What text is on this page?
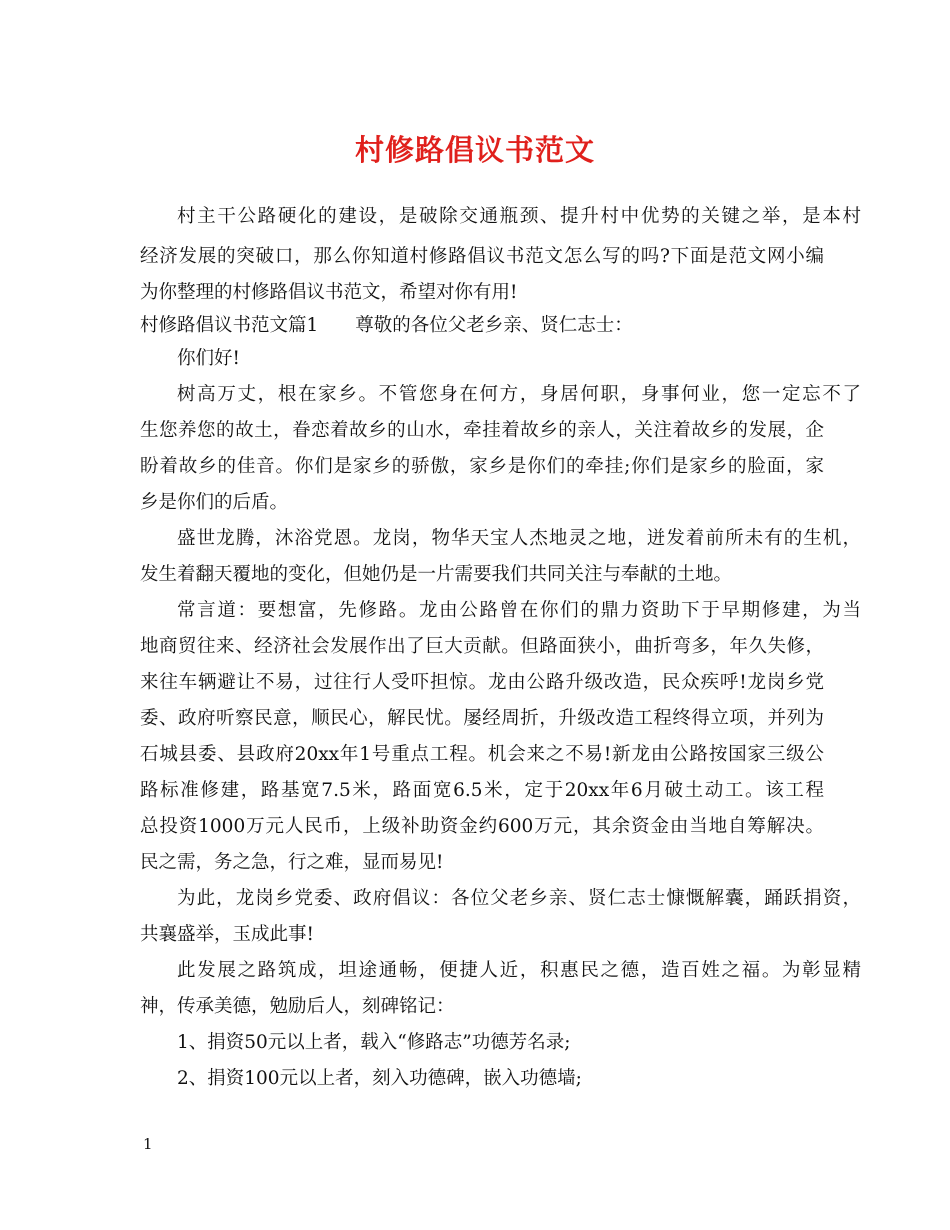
村修路倡议书范文
村主干公路硬化的建设，是破除交通瓶颈、提升村中优势的关键之举，是本村
经济发展的突破口，那么你知道村修路倡议书范文怎么写的吗?下面是范文网小编
为你整理的村修路倡议书范文，希望对你有用!
村修路倡议书范文篇1　　尊敬的各位父老乡亲、贤仁志士：
你们好!
树高万丈，根在家乡。不管您身在何方，身居何职，身事何业，您一定忘不了
生您养您的故土，眷恋着故乡的山水，牵挂着故乡的亲人，关注着故乡的发展，企
盼着故乡的佳音。你们是家乡的骄傲，家乡是你们的牵挂;你们是家乡的脸面，家
乡是你们的后盾。
盛世龙腾，沐浴党恩。龙岗，物华天宝人杰地灵之地，迸发着前所未有的生机，
发生着翻天覆地的变化，但她仍是一片需要我们共同关注与奉献的土地。
常言道：要想富，先修路。龙由公路曾在你们的鼎力资助下于早期修建，为当
地商贸往来、经济社会发展作出了巨大贡献。但路面狭小，曲折弯多，年久失修，
来往车辆避让不易，过往行人受吓担惊。龙由公路升级改造，民众疾呼!龙岗乡党
委、政府听察民意，顺民心，解民忧。屡经周折，升级改造工程终得立项，并列为
石城县委、县政府20xx年1号重点工程。机会来之不易!新龙由公路按国家三级公
路标准修建，路基宽7.5米，路面宽6.5米，定于20xx年6月破土动工。该工程
总投资1000万元人民币，上级补助资金约600万元，其余资金由当地自筹解决。
民之需，务之急，行之难，显而易见!
为此，龙岗乡党委、政府倡议：各位父老乡亲、贤仁志士慷慨解囊，踊跃捐资，
共襄盛举，玉成此事!
此发展之路筑成，坦途通畅，便捷人近，积惠民之德，造百姓之福。为彰显精
神，传承美德，勉励后人，刻碑铭记：
1、捐资50元以上者，载入“修路志”功德芳名录;
2、捐资100元以上者，刻入功德碑，嵌入功德墙;
1
